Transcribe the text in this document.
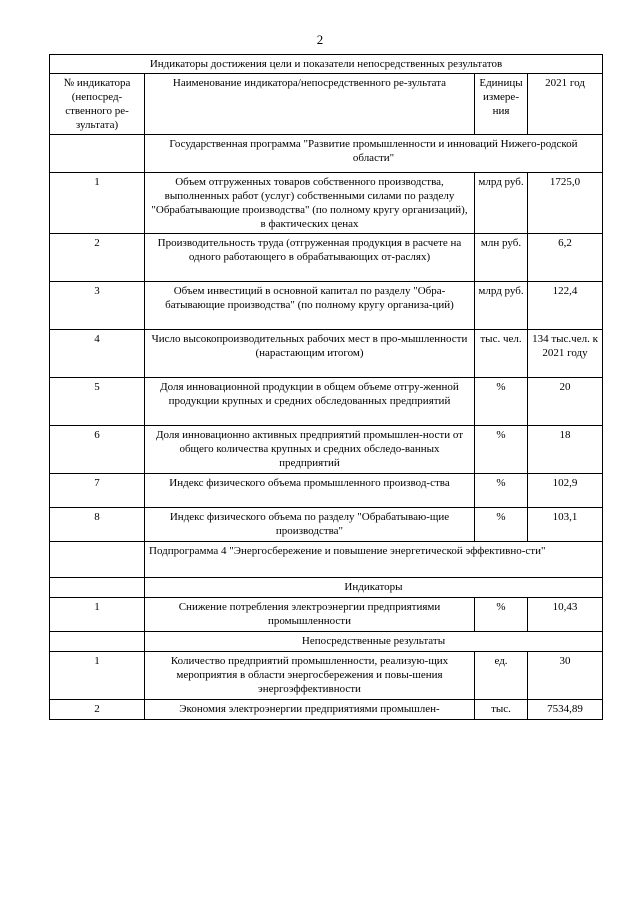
2
Индикаторы достижения цели и показатели непосредственных результатов			
№ индикатора (непосред-ственного ре-зультата)	Наименование индикатора/непосредственного ре-зультата	Единицы измере-ния	2021 год
	Государственная программа "Развитие промышленности и инноваций Нижего-родской области"		
1	Объем отгруженных товаров собственного производства, выполненных работ (услуг) собственными силами по разделу "Обрабатывающие производства" (по полному кругу организаций), в фактических ценах	млрд руб.	1725,0
2	Производительность труда (отгруженная продукция в расчете на одного работающего в обрабатывающих от-раслях)	млн руб.	6,2
3	Объем инвестиций в основной капитал по разделу "Обра-батывающие производства" (по полному кругу организа-ций)	млрд руб.	122,4
4	Число высокопроизводительных рабочих мест в про-мышленности (нарастающим итогом)	тыс. чел.	134 тыс.чел. к 2021 году
5	Доля инновационной продукции в общем объеме отгру-женной продукции крупных и средних обследованных предприятий	%	20
6	Доля инновационно активных предприятий промышлен-ности от общего количества крупных и средних обследо-ванных предприятий	%	18
7	Индекс физического объема промышленного производ-ства	%	102,9
8	Индекс физического объема по разделу "Обрабатываю-щие производства"	%	103,1
	Подпрограмма 4 "Энергосбережение и повышение энергетической эффективно-сти"		
	Индикаторы		
1	Снижение потребления электроэнергии предприятиями промышленности	%	10,43
	Непосредственные результаты		
1	Количество предприятий промышленности, реализую-щих мероприятия в области энергосбережения и повы-шения энергоэффективности	ед.	30
2	Экономия электроэнергии предприятиями промышлен-	тыс.	7534,89
